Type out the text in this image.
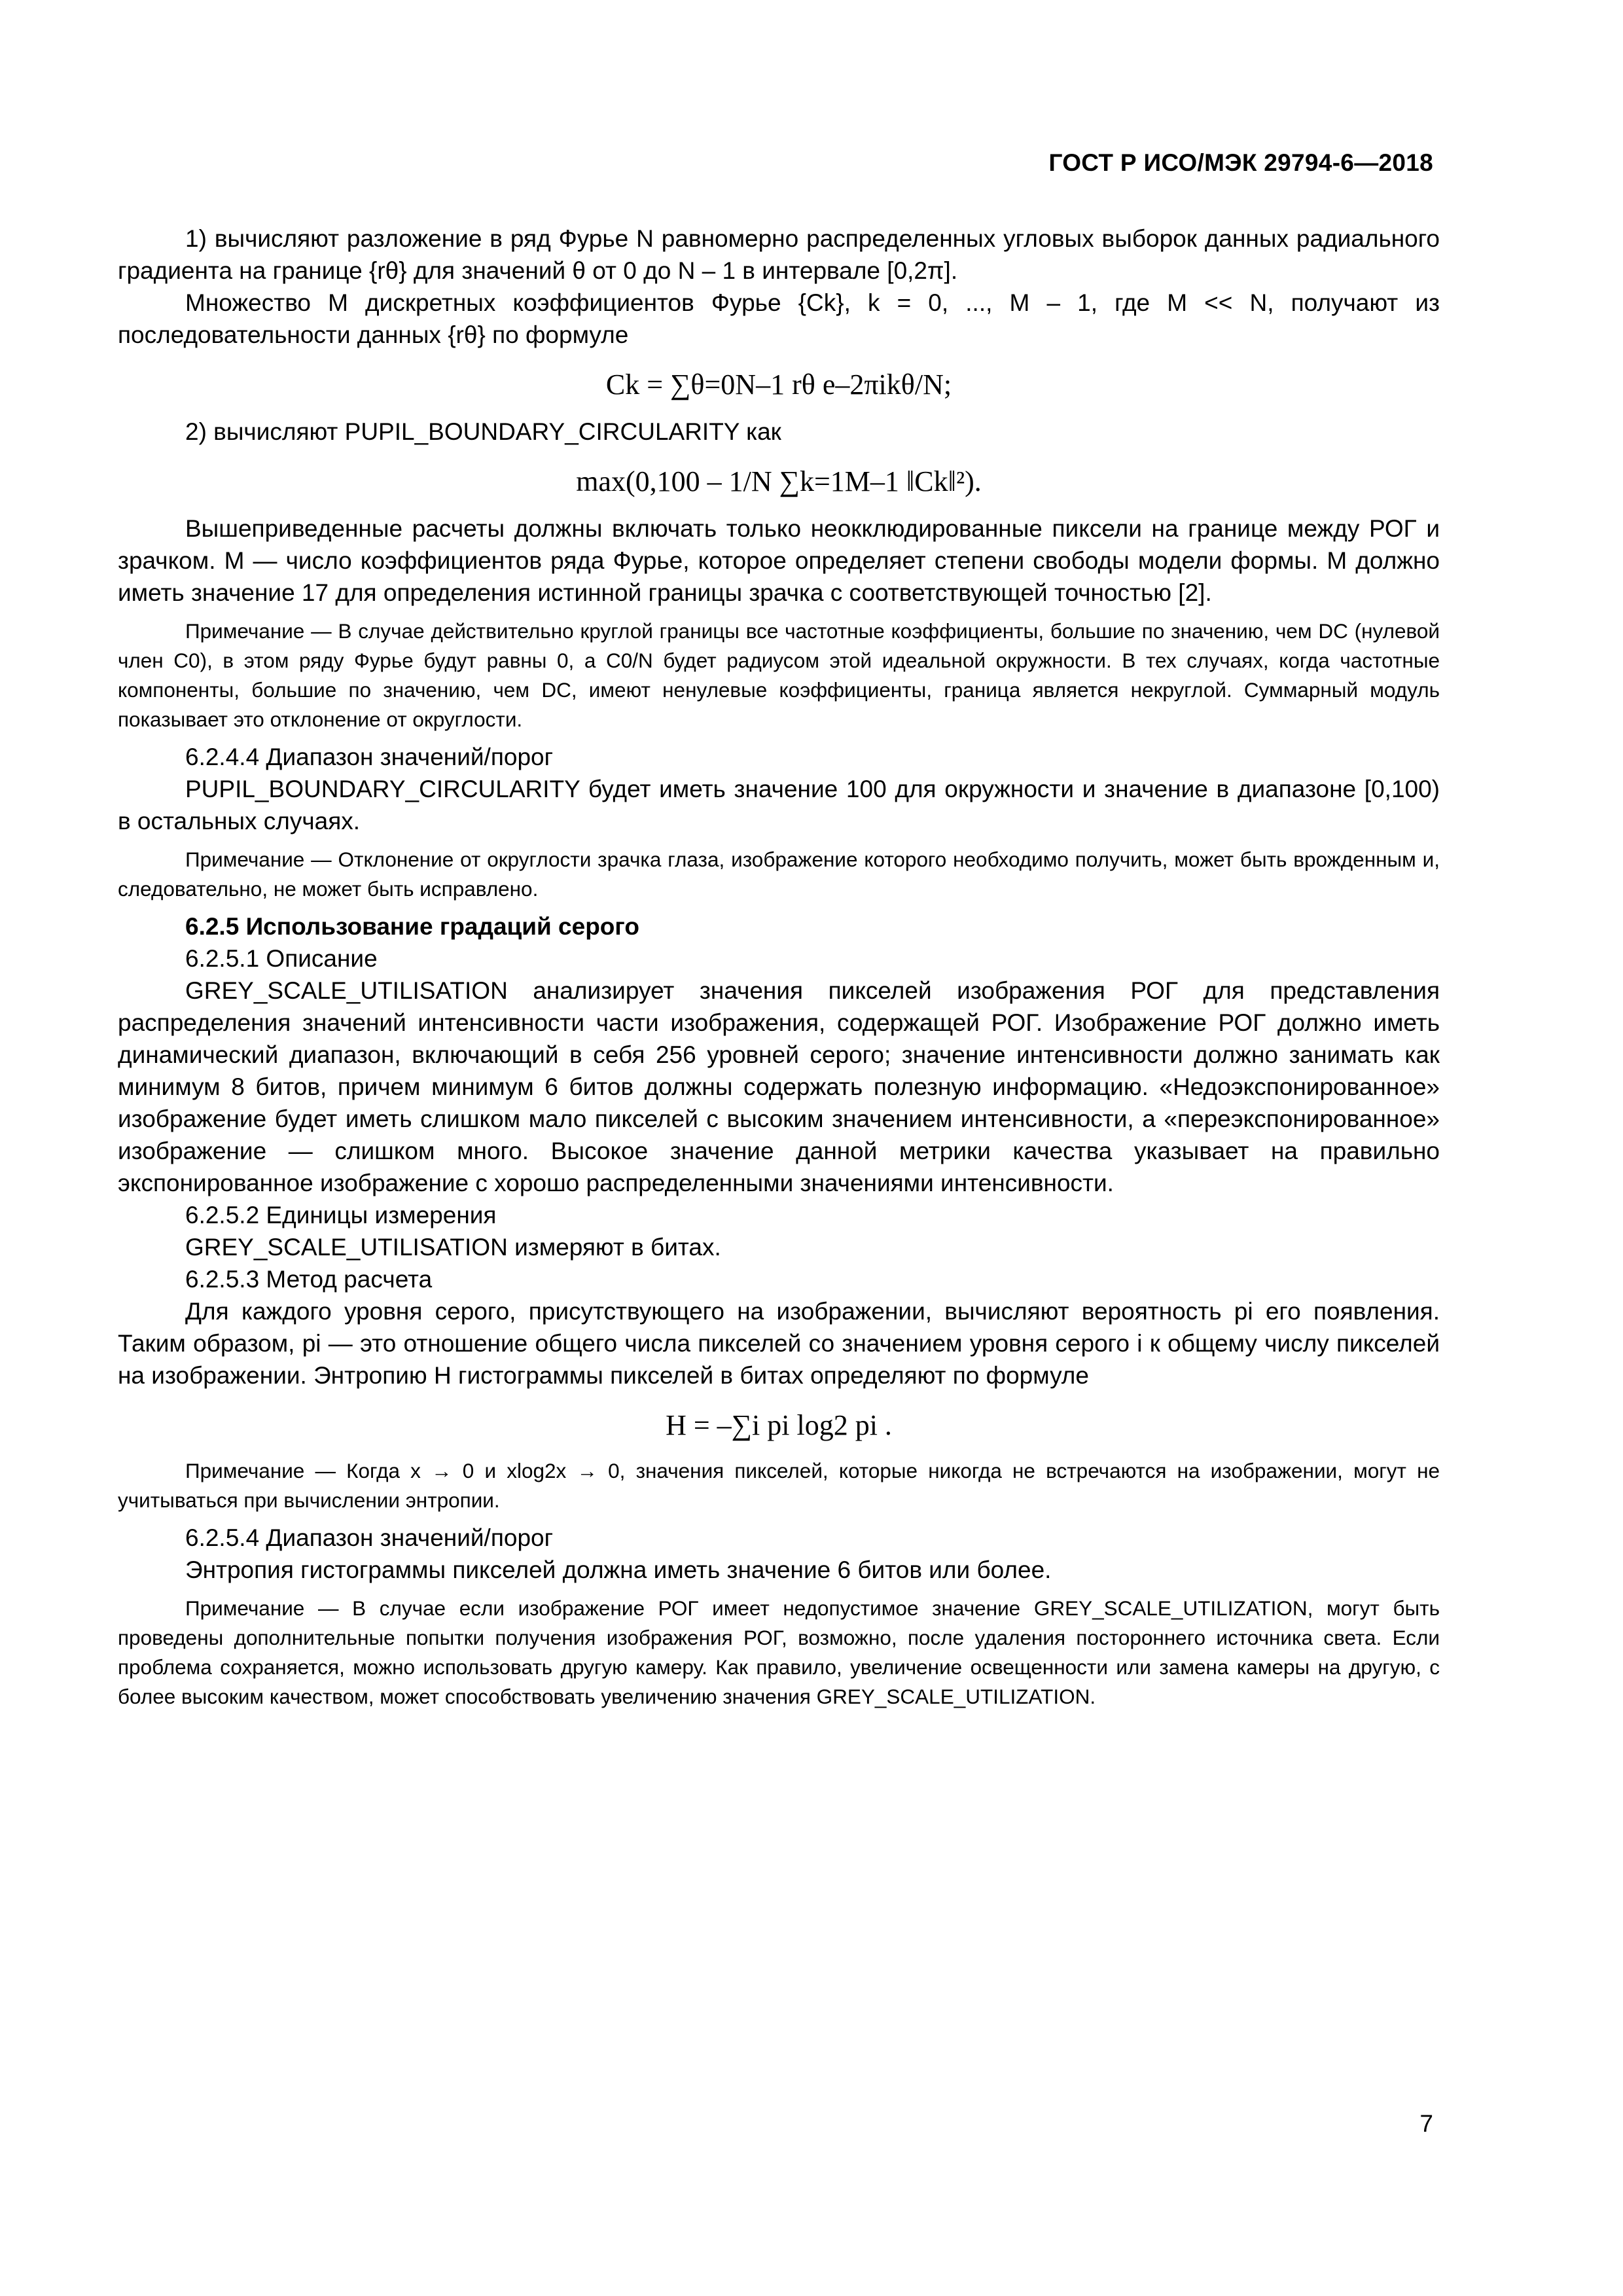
ГОСТ Р ИСО/МЭК 29794-6—2018

1) вычисляют разложение в ряд Фурье N равномерно распределенных угловых выборок данных радиального градиента на границе {rθ} для значений θ от 0 до N – 1 в интервале [0,2π].

Множество M дискретных коэффициентов Фурье {Ck}, k = 0, ..., M – 1, где M << N, получают из последовательности данных {rθ} по формуле

Ck = ∑θ=0N–1 rθ e–2πikθ/N;

2) вычисляют PUPIL_BOUNDARY_CIRCULARITY как

max(0,100 – 1/N ∑k=1M–1 ‖Ck‖²).

Вышеприведенные расчеты должны включать только неокклюдированные пиксели на границе между РОГ и зрачком. M — число коэффициентов ряда Фурье, которое определяет степени свободы модели формы. M должно иметь значение 17 для определения истинной границы зрачка с соответствующей точностью [2].

Примечание — В случае действительно круглой границы все частотные коэффициенты, большие по значению, чем DC (нулевой член C0), в этом ряду Фурье будут равны 0, а C0/N будет радиусом этой идеальной окружности. В тех случаях, когда частотные компоненты, большие по значению, чем DC, имеют ненулевые коэффициенты, граница является некруглой. Суммарный модуль показывает это отклонение от округлости.

6.2.4.4 Диапазон значений/порог

PUPIL_BOUNDARY_CIRCULARITY будет иметь значение 100 для окружности и значение в диапазоне [0,100) в остальных случаях.

Примечание — Отклонение от округлости зрачка глаза, изображение которого необходимо получить, может быть врожденным и, следовательно, не может быть исправлено.

6.2.5 Использование градаций серого

6.2.5.1 Описание

GREY_SCALE_UTILISATION анализирует значения пикселей изображения РОГ для представления распределения значений интенсивности части изображения, содержащей РОГ. Изображение РОГ должно иметь динамический диапазон, включающий в себя 256 уровней серого; значение интенсивности должно занимать как минимум 8 битов, причем минимум 6 битов должны содержать полезную информацию. «Недоэкспонированное» изображение будет иметь слишком мало пикселей с высоким значением интенсивности, а «переэкспонированное» изображение — слишком много. Высокое значение данной метрики качества указывает на правильно экспонированное изображение с хорошо распределенными значениями интенсивности.

6.2.5.2 Единицы измерения

GREY_SCALE_UTILISATION измеряют в битах.

6.2.5.3 Метод расчета

Для каждого уровня серого, присутствующего на изображении, вычисляют вероятность pi его появления. Таким образом, pi — это отношение общего числа пикселей со значением уровня серого i к общему числу пикселей на изображении. Энтропию H гистограммы пикселей в битах определяют по формуле

H = –∑i pi log2 pi .

Примечание — Когда x → 0 и xlog2x → 0, значения пикселей, которые никогда не встречаются на изображении, могут не учитываться при вычислении энтропии.

6.2.5.4 Диапазон значений/порог

Энтропия гистограммы пикселей должна иметь значение 6 битов или более.

Примечание — В случае если изображение РОГ имеет недопустимое значение GREY_SCALE_UTILIZATION, могут быть проведены дополнительные попытки получения изображения РОГ, возможно, после удаления постороннего источника света. Если проблема сохраняется, можно использовать другую камеру. Как правило, увеличение освещенности или замена камеры на другую, с более высоким качеством, может способствовать увеличению значения GREY_SCALE_UTILIZATION.

7
